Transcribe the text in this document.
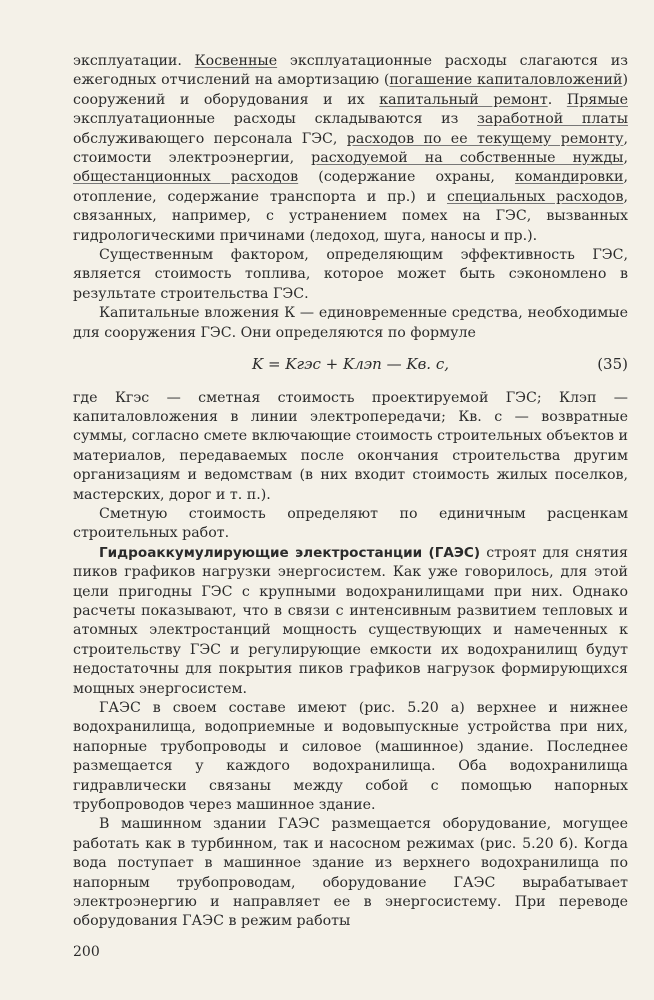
эксплуатации. Косвенные эксплуатационные расходы слагаются из ежегодных отчислений на амортизацию (погашение капиталовложений) сооружений и оборудования и их капитальный ремонт. Прямые эксплуатационные расходы складываются из заработной платы обслуживающего персонала ГЭС, расходов по ее текущему ремонту, стоимости электроэнергии, расходуемой на собственные нужды, общестанционных расходов (содержание охраны, командировки, отопление, содержание транспорта и пр.) и специальных расходов, связанных, например, с устранением помех на ГЭС, вызванных гидрологическими причинами (ледоход, шуга, наносы и пр.).

Существенным фактором, определяющим эффективность ГЭС, является стоимость топлива, которое может быть сэкономлено в результате строительства ГЭС.

Капитальные вложения К — единовременные средства, необходимые для сооружения ГЭС. Они определяются по формуле

K = Kгэс + Kлэп — Kв. с,	(35)

где Кгэс — сметная стоимость проектируемой ГЭС; Клэп — капиталовложения в линии электропередачи; Кв. с — возвратные суммы, согласно смете включающие стоимость строительных объектов и материалов, передаваемых после окончания строительства другим организациям и ведомствам (в них входит стоимость жилых поселков, мастерских, дорог и т. п.).

Сметную стоимость определяют по единичным расценкам строительных работ.

Гидроаккумулирующие электростанции (ГАЭС) строят для снятия пиков графиков нагрузки энергосистем. Как уже говорилось, для этой цели пригодны ГЭС с крупными водохранилищами при них. Однако расчеты показывают, что в связи с интенсивным развитием тепловых и атомных электростанций мощность существующих и намеченных к строительству ГЭС и регулирующие емкости их водохранилищ будут недостаточны для покрытия пиков графиков нагрузок формирующихся мощных энергосистем.

ГАЭС в своем составе имеют (рис. 5.20 а) верхнее и нижнее водохранилища, водоприемные и водовыпускные устройства при них, напорные трубопроводы и силовое (машинное) здание. Последнее размещается у каждого водохранилища. Оба водохранилища гидравлически связаны между собой с помощью напорных трубопроводов через машинное здание.

В машинном здании ГАЭС размещается оборудование, могущее работать как в турбинном, так и насосном режимах (рис. 5.20 б). Когда вода поступает в машинное здание из верхнего водохранилища по напорным трубопроводам, оборудование ГАЭС вырабатывает электроэнергию и направляет ее в энергосистему. При переводе оборудования ГАЭС в режим работы

200
